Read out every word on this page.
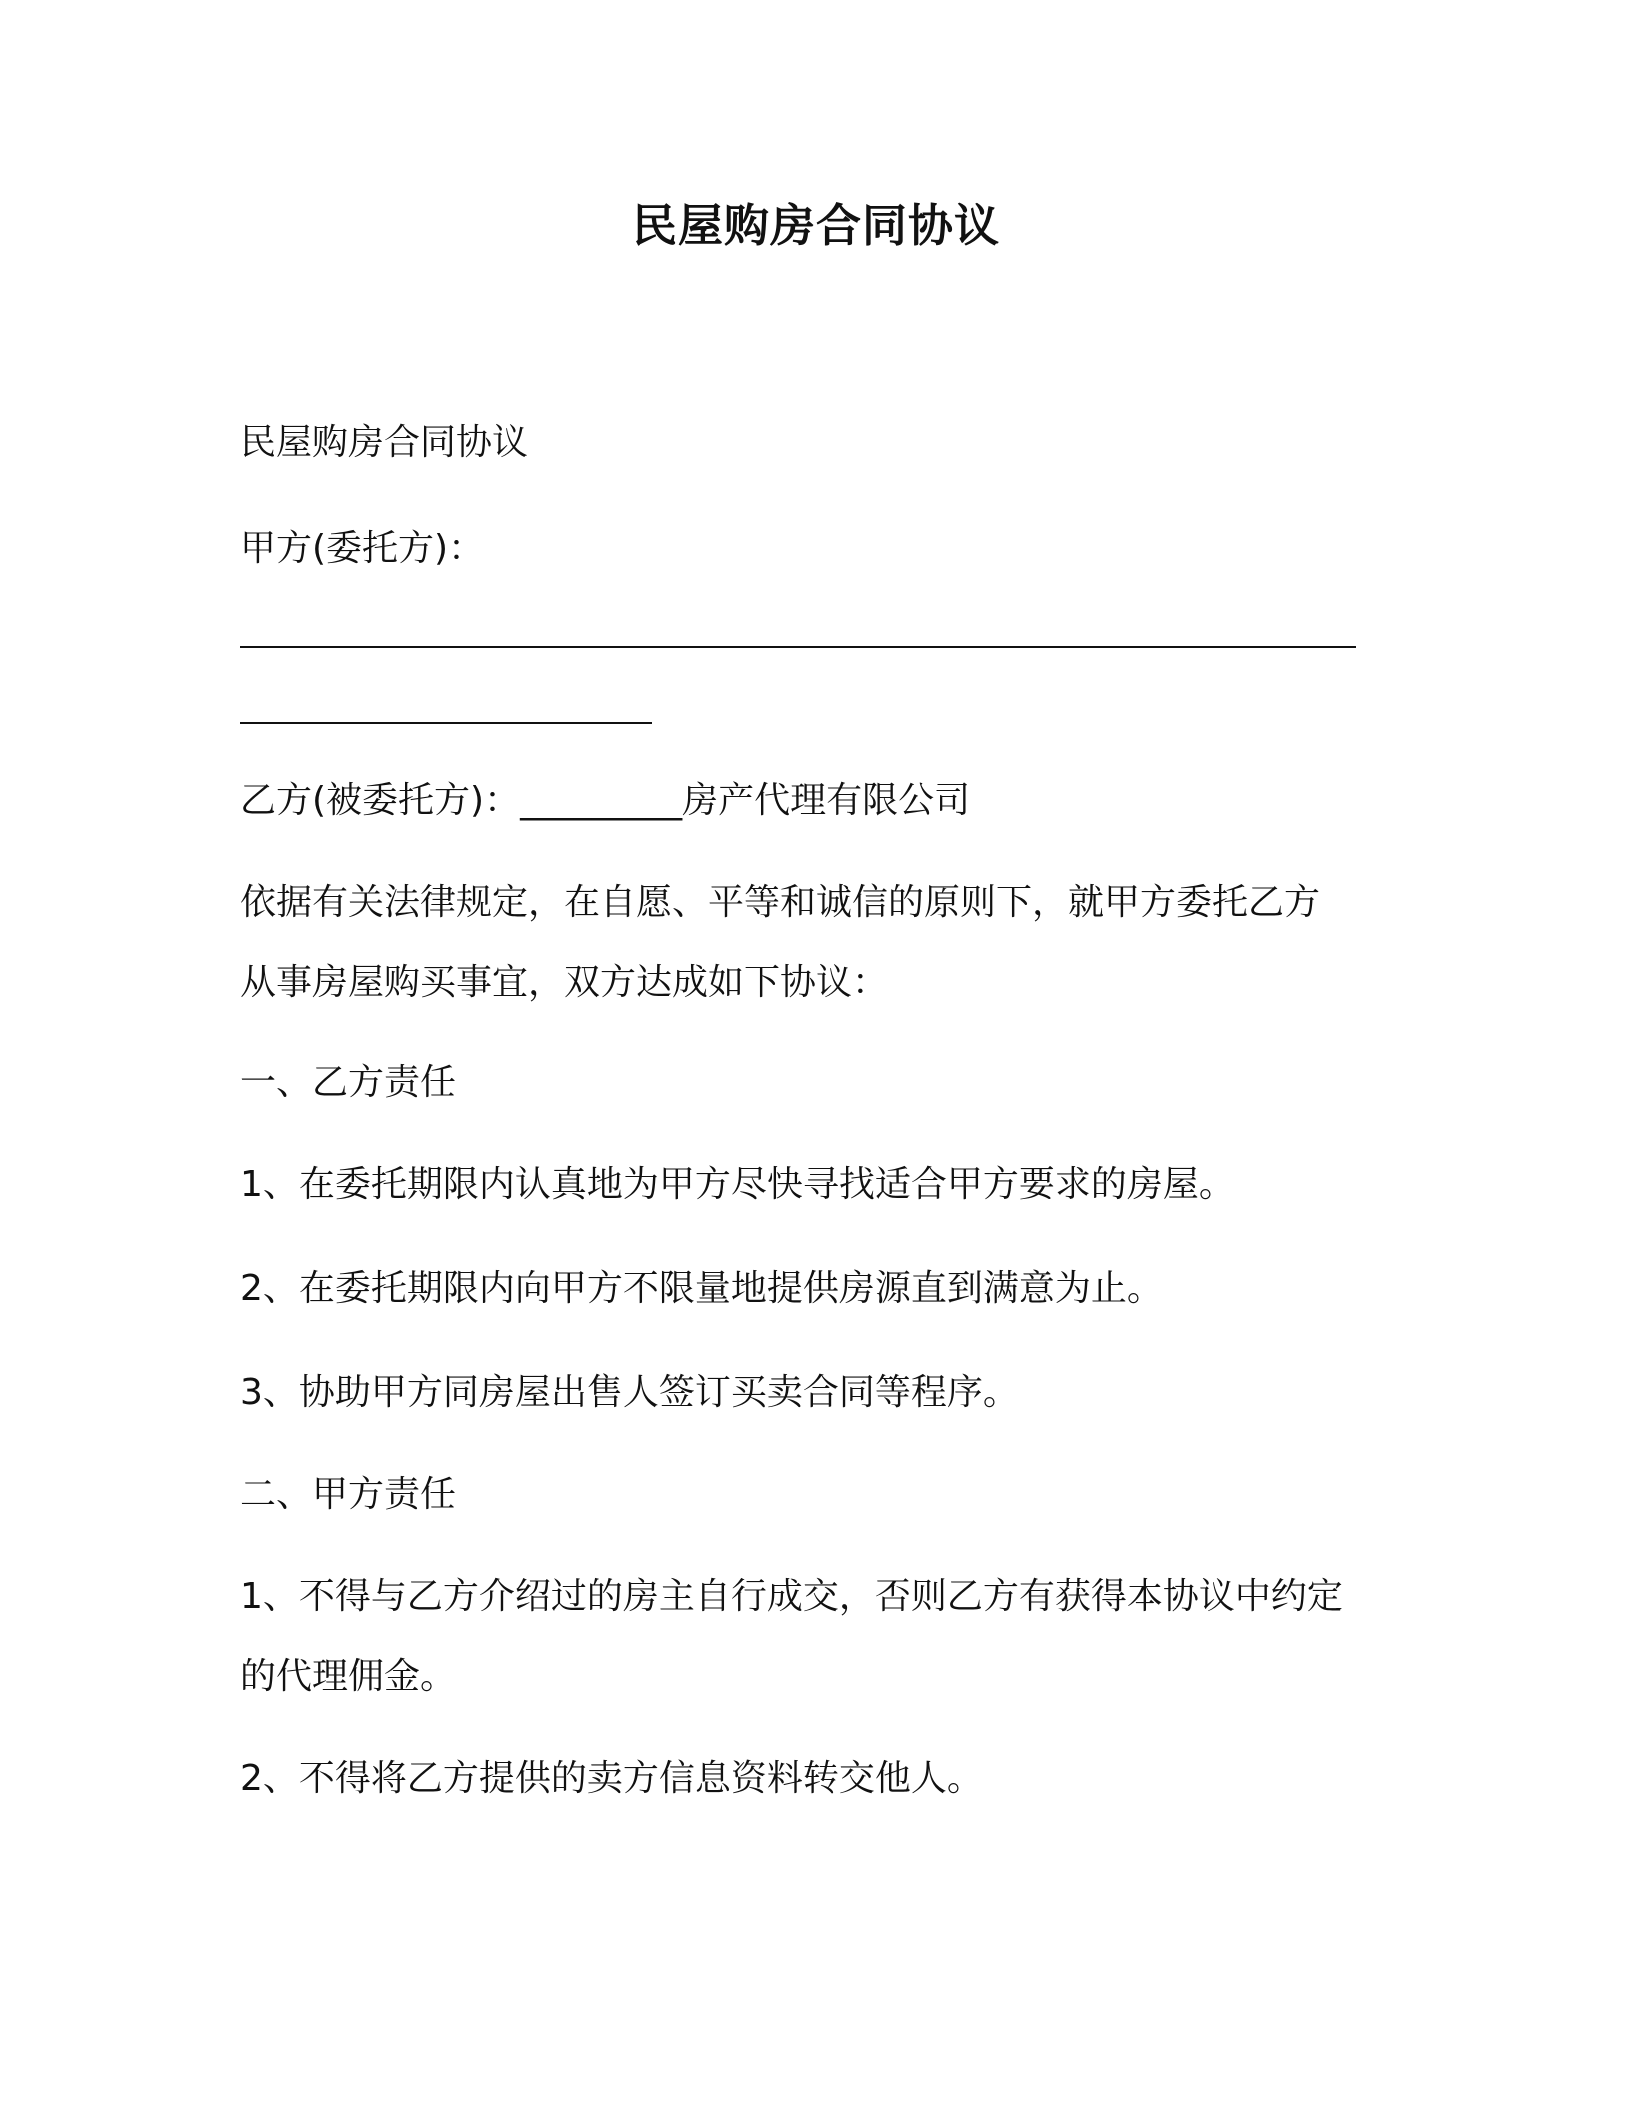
民屋购房合同协议
民屋购房合同协议
甲方(委托方)：
乙方(被委托方)：_________房产代理有限公司
依据有关法律规定，在自愿、平等和诚信的原则下，就甲方委托乙方
从事房屋购买事宜，双方达成如下协议：
一、乙方责任
1、在委托期限内认真地为甲方尽快寻找适合甲方要求的房屋。
2、在委托期限内向甲方不限量地提供房源直到满意为止。
3、协助甲方同房屋出售人签订买卖合同等程序。
二、甲方责任
1、不得与乙方介绍过的房主自行成交，否则乙方有获得本协议中约定
的代理佣金。
2、不得将乙方提供的卖方信息资料转交他人。
